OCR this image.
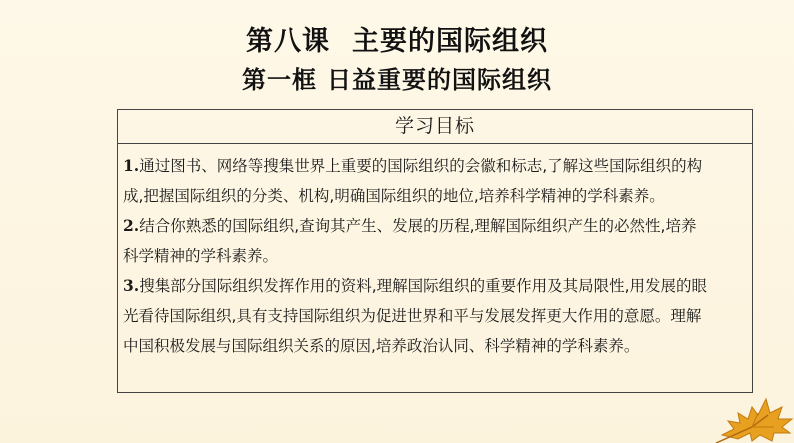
第八课 主要的国际组织
第一框 日益重要的国际组织
学习目标
1.通过图书、网络等搜集世界上重要的国际组织的会徽和标志,了解这些国际组织的构
成,把握国际组织的分类、机构,明确国际组织的地位,培养科学精神的学科素养。
2.结合你熟悉的国际组织,查询其产生、发展的历程,理解国际组织产生的必然性,培养
科学精神的学科素养。
3.搜集部分国际组织发挥作用的资料,理解国际组织的重要作用及其局限性,用发展的眼
光看待国际组织,具有支持国际组织为促进世界和平与发展发挥更大作用的意愿。理解
中国积极发展与国际组织关系的原因,培养政治认同、科学精神的学科素养。
